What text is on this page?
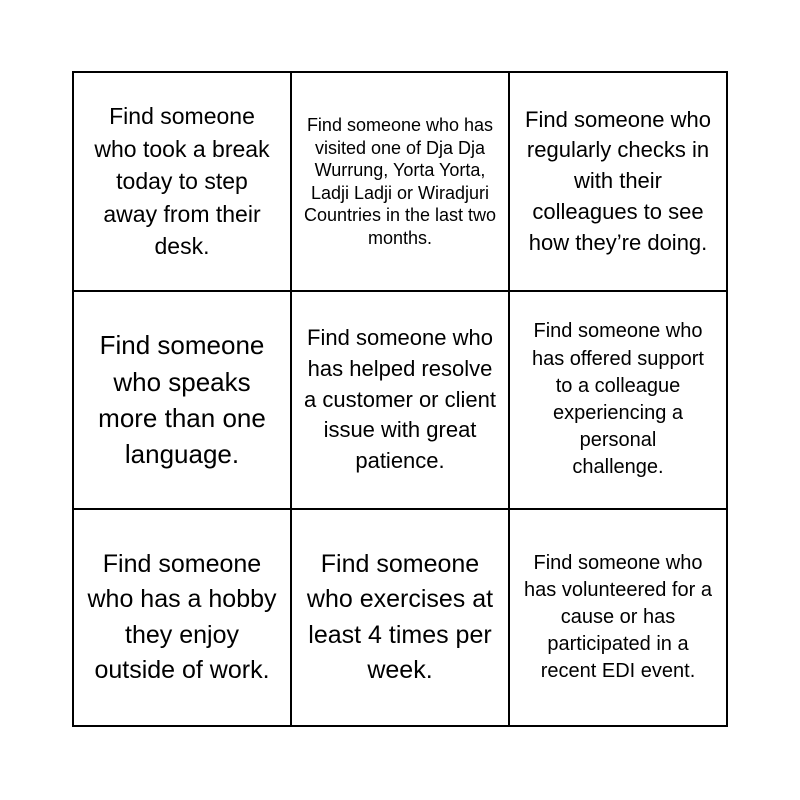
Find someone who took a break today to step away from their desk.
Find someone who has visited one of Dja Dja Wurrung, Yorta Yorta, Ladji Ladji or Wiradjuri Countries in the last two months.
Find someone who regularly checks in with their colleagues to see how they’re doing.
Find someone who speaks more than one language.
Find someone who has helped resolve a customer or client issue with great patience.
Find someone who has offered support to a colleague experiencing a personal challenge.
Find someone who has a hobby they enjoy outside of work.
Find someone who exercises at least 4 times per week.
Find someone who has volunteered for a cause or has participated in a recent EDI event.
